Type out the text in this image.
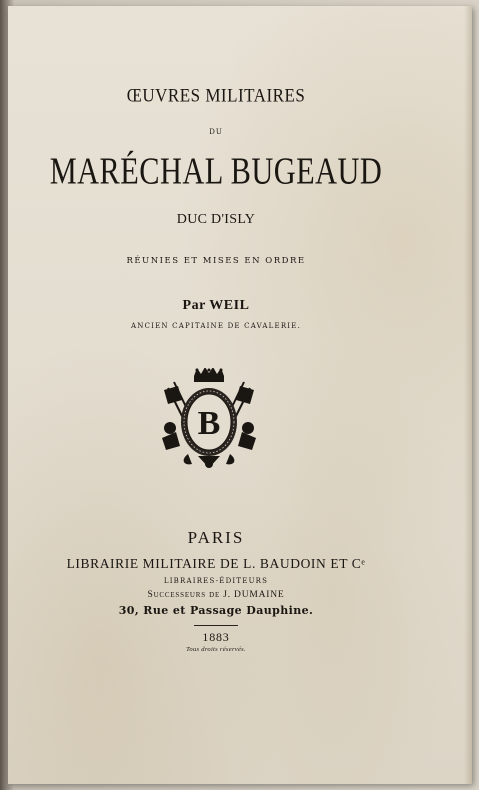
ŒUVRES MILITAIRES
DU
MARÉCHAL BUGEAUD
DUC D'ISLY
RÉUNIES ET MISES EN ORDRE
Par WEIL
ANCIEN CAPITAINE DE CAVALERIE.
B
PARIS
LIBRAIRIE MILITAIRE DE L. BAUDOIN ET Cᵉ
LIBRAIRES-ÉDITEURS
Successeurs de J. DUMAINE
30, Rue et Passage Dauphine.
1883
Tous droits réservés.
